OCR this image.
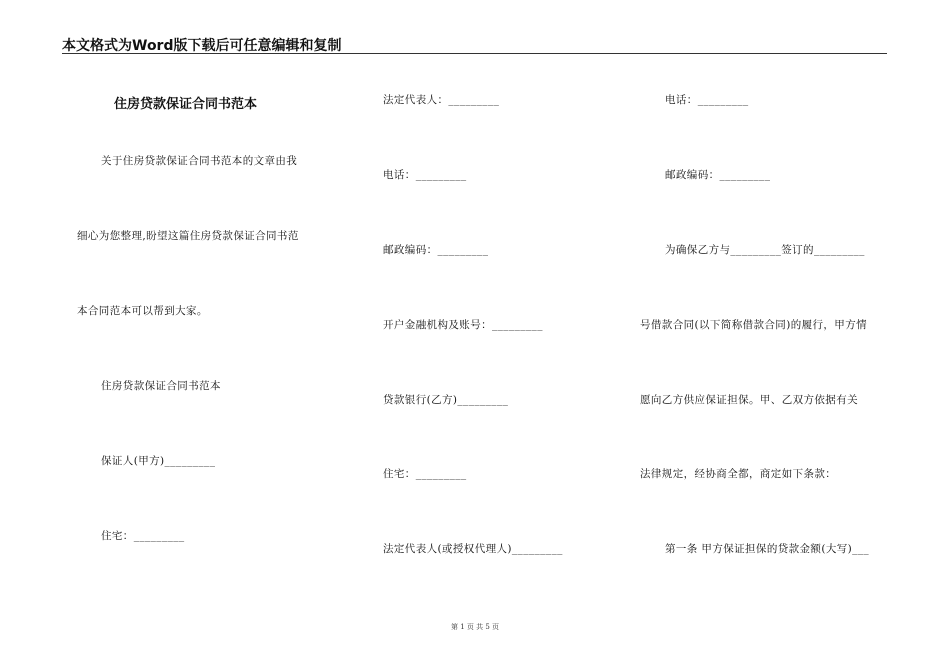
本文格式为Word版下载后可任意编辑和复制
住房贷款保证合同书范本
关于住房贷款保证合同书范本的文章由我
细心为您整理,盼望这篇住房贷款保证合同书范
本合同范本可以帮到大家。
住房贷款保证合同书范本
保证人(甲方)_________
住宅：_________
法定代表人：_________
电话：_________
邮政编码：_________
开户金融机构及账号：_________
贷款银行(乙方)_________
住宅：_________
法定代表人(或授权代理人)_________
电话：_________
邮政编码：_________
为确保乙方与_________签订的_________
号借款合同(以下简称借款合同)的履行，甲方情
愿向乙方供应保证担保。甲、乙双方依据有关
法律规定，经协商全都，商定如下条款：
第一条 甲方保证担保的贷款金额(大写)___
第 1 页 共 5 页
